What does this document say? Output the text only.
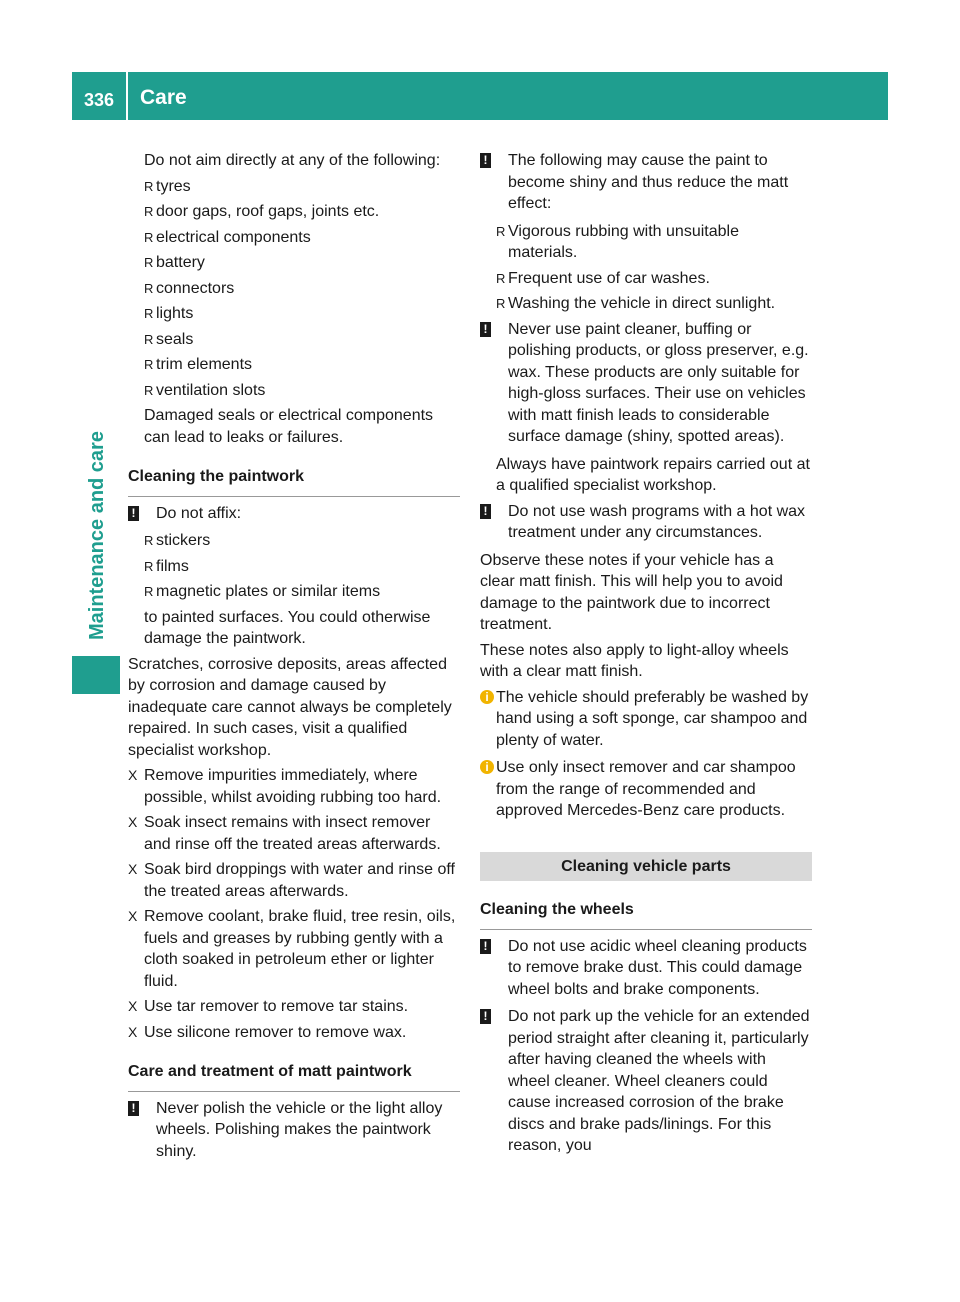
336 Care
Maintenance and care

Do not aim directly at any of the following:

R tyres
R door gaps, roof gaps, joints etc.
R electrical components
R battery
R connectors
R lights
R seals
R trim elements
R ventilation slots

Damaged seals or electrical components can lead to leaks or failures.

Cleaning the paintwork
!	Do not affix:
R stickers
R films
R magnetic plates or similar items

to painted surfaces. You could otherwise damage the paintwork.

Scratches, corrosive deposits, areas affected by corrosion and damage caused by inadequate care cannot always be completely repaired. In such cases, visit a qualified specialist workshop.

X Remove impurities immediately, where possible, whilst avoiding rubbing too hard.
X Soak insect remains with insect remover and rinse off the treated areas afterwards.
X Soak bird droppings with water and rinse off the treated areas afterwards.
X Remove coolant, brake fluid, tree resin, oils, fuels and greases by rubbing gently with a cloth soaked in petroleum ether or lighter fluid.
X Use tar remover to remove tar stains.
X Use silicone remover to remove wax.
Care and treatment of matt paintwork
!	Never polish the vehicle or the light alloy wheels. Polishing makes the paintwork shiny.
!	The following may cause the paint to become shiny and thus reduce the matt effect:
R Vigorous rubbing with unsuitable materials.
R Frequent use of car washes.
R Washing the vehicle in direct sunlight.
!	Never use paint cleaner, buffing or polishing products, or gloss preserver, e.g. wax. These products are only suitable for high-gloss surfaces. Their use on vehicles with matt finish leads to considerable surface damage (shiny, spotted areas).

Always have paintwork repairs carried out at a qualified specialist workshop.

!	Do not use wash programs with a hot wax treatment under any circumstances.

Observe these notes if your vehicle has a clear matt finish. This will help you to avoid damage to the paintwork due to incorrect treatment.

These notes also apply to light-alloy wheels with a clear matt finish.

i The vehicle should preferably be washed by hand using a soft sponge, car shampoo and plenty of water.
i Use only insect remover and car shampoo from the range of recommended and approved Mercedes-Benz care products.
Cleaning vehicle parts
Cleaning the wheels
!	Do not use acidic wheel cleaning products to remove brake dust. This could damage wheel bolts and brake components.
!	Do not park up the vehicle for an extended period straight after cleaning it, particularly after having cleaned the wheels with wheel cleaner. Wheel cleaners could cause increased corrosion of the brake discs and brake pads/linings. For this reason, you
